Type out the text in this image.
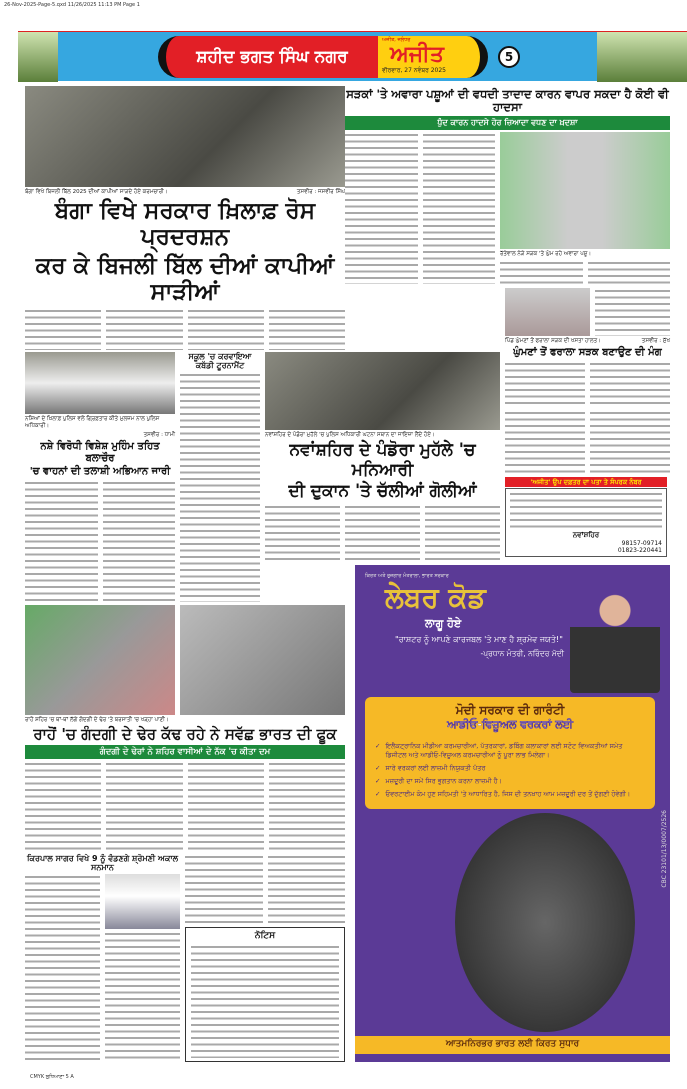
26-Nov-2025-Page-5.qxd 11/26/2025 11:13 PM Page 1
ਸ਼ਹੀਦ ਭਗਤ ਸਿੰਘ ਨਗਰ
ਅਜੀਤ, ਜਲੰਧਰ
ਅਜੀਤ
ਵੀਰਵਾਰ, 27 ਨਵੰਬਰ 2025
5
ਬੰਗਾ ਵਿਖੇ ਬਿਜਲੀ ਬਿੱਲ 2025 ਦੀਆਂ ਕਾਪੀਆਂ ਸਾੜਦੇ ਹੋਏ ਕਰਮਚਾਰੀ।	ਤਸਵੀਰ : ਜਸਵੀਰ ਸਿੰਘ
ਬੰਗਾ ਵਿਖੇ ਸਰਕਾਰ ਖ਼ਿਲਾਫ਼ ਰੋਸ ਪ੍ਰਦਰਸ਼ਨ
ਕਰ ਕੇ ਬਿਜਲੀ ਬਿੱਲ ਦੀਆਂ ਕਾਪੀਆਂ ਸਾੜੀਆਂ
ਨਸ਼ਿਆਂ ਦੇ ਖ਼ਿਲਾਫ਼ ਪੁਲਿਸ ਵਲੋਂ ਗ੍ਰਿਫ਼ਤਾਰ ਕੀਤੇ ਮੁਲਜ਼ਮ ਨਾਲ ਪੁਲਿਸ ਅਧਿਕਾਰੀ।
ਤਸਵੀਰ : ਧਾਮੀ
ਨਸ਼ੇ ਵਿਰੋਧੀ ਵਿਸ਼ੇਸ਼ ਮੁਹਿੰਮ ਤਹਿਤ ਬਲਾਚੌਰ
'ਚ ਵਾਹਨਾਂ ਦੀ ਤਲਾਸ਼ੀ ਅਭਿਆਨ ਜਾਰੀ
ਸਕੂਲ 'ਚ ਕਰਵਾਇਆ ਕਬੱਡੀ ਟੂਰਨਾਮੈਂਟ
ਨਵਾਂਸ਼ਹਿਰ ਦੇ ਪੰਡੋਰਾ ਮੁਹੱਲੇ 'ਚ ਪੁਲਿਸ ਅਧਿਕਾਰੀ ਘਟਨਾ ਸਥਾਨ ਦਾ ਜਾਇਜ਼ਾ ਲੈਂਦੇ ਹੋਏ।
ਨਵਾਂਸ਼ਹਿਰ ਦੇ ਪੰਡੋਰਾ ਮੁਹੱਲੇ 'ਚ ਮਨਿਆਰੀ
ਦੀ ਦੁਕਾਨ 'ਤੇ ਚੱਲੀਆਂ ਗੋਲੀਆਂ
ਸੜਕਾਂ 'ਤੇ ਅਵਾਰਾ ਪਸ਼ੂਆਂ ਦੀ ਵਧਦੀ ਤਾਦਾਦ ਕਾਰਨ ਵਾਪਰ ਸਕਦਾ ਹੈ ਕੋਈ ਵੀ ਹਾਦਸਾ
ਧੁੰਦ ਕਾਰਨ ਹਾਦਸੇ ਹੋਰ ਜ਼ਿਆਦਾ ਵਧਣ ਦਾ ਖ਼ਦਸ਼ਾ
ਰੱਤੇਵਾਲ ਨੇੜੇ ਸੜਕ 'ਤੇ ਘੁੰਮ ਰਹੇ ਅਵਾਰਾ ਪਸ਼ੂ।
ਪਿੰਡ ਘੁੰਮਣਾਂ ਤੋਂ ਫਰਾਲਾ ਸੜਕ ਦੀ ਖਸਤਾ ਹਾਲਤ।	ਤਸਵੀਰ : ਸੁੱਖ
ਘੁੰਮਣਾਂ ਤੋਂ ਫਰਾਲਾ ਸੜਕ ਬਣਾਉਣ ਦੀ ਮੰਗ
'ਅਜੀਤ' ਉਪ ਦਫ਼ਤਰ ਦਾ ਪਤਾ ਤੇ ਸੰਪਰਕ ਨੰਬਰ
ਨਵਾਂਸ਼ਹਿਰ
98157-09714
01823-220441
ਰਾਹੋਂ ਸ਼ਹਿਰ 'ਚ ਥਾਂ-ਥਾਂ ਲੱਗੇ ਗੰਦਗੀ ਦੇ ਢੇਰ 'ਤੇ ਬਰਸਾਤੀ 'ਚ ਖੜ੍ਹਾ ਪਾਣੀ।
ਰਾਹੋਂ 'ਚ ਗੰਦਗੀ ਦੇ ਢੇਰ ਕੱਢ ਰਹੇ ਨੇ ਸਵੱਛ ਭਾਰਤ ਦੀ ਫੂਕ
ਗੰਦਗੀ ਦੇ ਢੇਰਾਂ ਨੇ ਸ਼ਹਿਰ ਵਾਸੀਆਂ ਦੇ ਨੱਕ 'ਚ ਕੀਤਾ ਦਮ
ਕਿਰਪਾਲ ਸਾਗਰ ਵਿਖੇ 9 ਨੂੰ ਵੰਡਣਗੇ ਸ਼੍ਰੋਮਣੀ ਅਕਾਲ ਸਨਮਾਨ
ਨੋਟਿਸ
ਕਿਰਤ ਅਤੇ ਰੁਜ਼ਗਾਰ ਮੰਤਰਾਲਾ, ਭਾਰਤ ਸਰਕਾਰ
ਲੇਬਰ ਕੋਡ
ਲਾਗੂ ਹੋਏ
"ਰਾਸ਼ਟਰ ਨੂੰ ਆਪਣੇ ਕਾਰਜਬਲ 'ਤੇ ਮਾਣ ਹੈ ਸ਼੍ਰਮੇਵ ਜਯਤੇ!"
-ਪ੍ਰਧਾਨ ਮੰਤਰੀ, ਨਰਿੰਦਰ ਮੋਦੀ
ਮੋਦੀ ਸਰਕਾਰ ਦੀ ਗਾਰੰਟੀ
ਆਡੀਓ-ਵਿਜ਼ੂਅਲ ਵਰਕਰਾਂ ਲਈ
✓ ਇਲੈਕਟ੍ਰਾਨਿਕ ਮੀਡੀਆ ਕਰਮਚਾਰੀਆਂ, ਪੱਤਰਕਾਰਾਂ, ਡਬਿੰਗ ਕਲਾਕਾਰਾਂ ਲਈ ਸਟੰਟ ਵਿਅਕਤੀਆਂ ਸਮੇਤ ਡਿਜੀਟਲ ਅਤੇ ਆਡੀਓ-ਵਿਜ਼ੂਅਲ ਕਰਮਚਾਰੀਆਂ ਨੂੰ ਪੂਰਾ ਲਾਭ ਮਿਲੇਗਾ।
✓ ਸਾਰੇ ਵਰਕਰਾਂ ਲਈ ਲਾਜ਼ਮੀ ਨਿਯੁਕਤੀ ਪੱਤਰ
✓ ਮਜ਼ਦੂਰੀ ਦਾ ਸਮੇਂ ਸਿਰ ਭੁਗਤਾਨ ਕਰਨਾ ਲਾਜ਼ਮੀ ਹੈ।
✓ ਓਵਰਟਾਈਮ ਕੰਮ ਹੁਣ ਸਹਿਮਤੀ 'ਤੇ ਆਧਾਰਿਤ ਹੈ, ਜਿਸ ਦੀ ਤਨਖ਼ਾਹ ਆਮ ਮਜ਼ਦੂਰੀ ਦਰ ਤੋਂ ਦੁੱਗਣੀ ਹੋਵੇਗੀ।
ਆਤਮਨਿਰਭਰ ਭਾਰਤ ਲਈ ਕਿਰਤ ਸੁਧਾਰ
CBC 23101/13/0007/2526
CMYK ਲੁਧਿਆਣਾ 5 A
